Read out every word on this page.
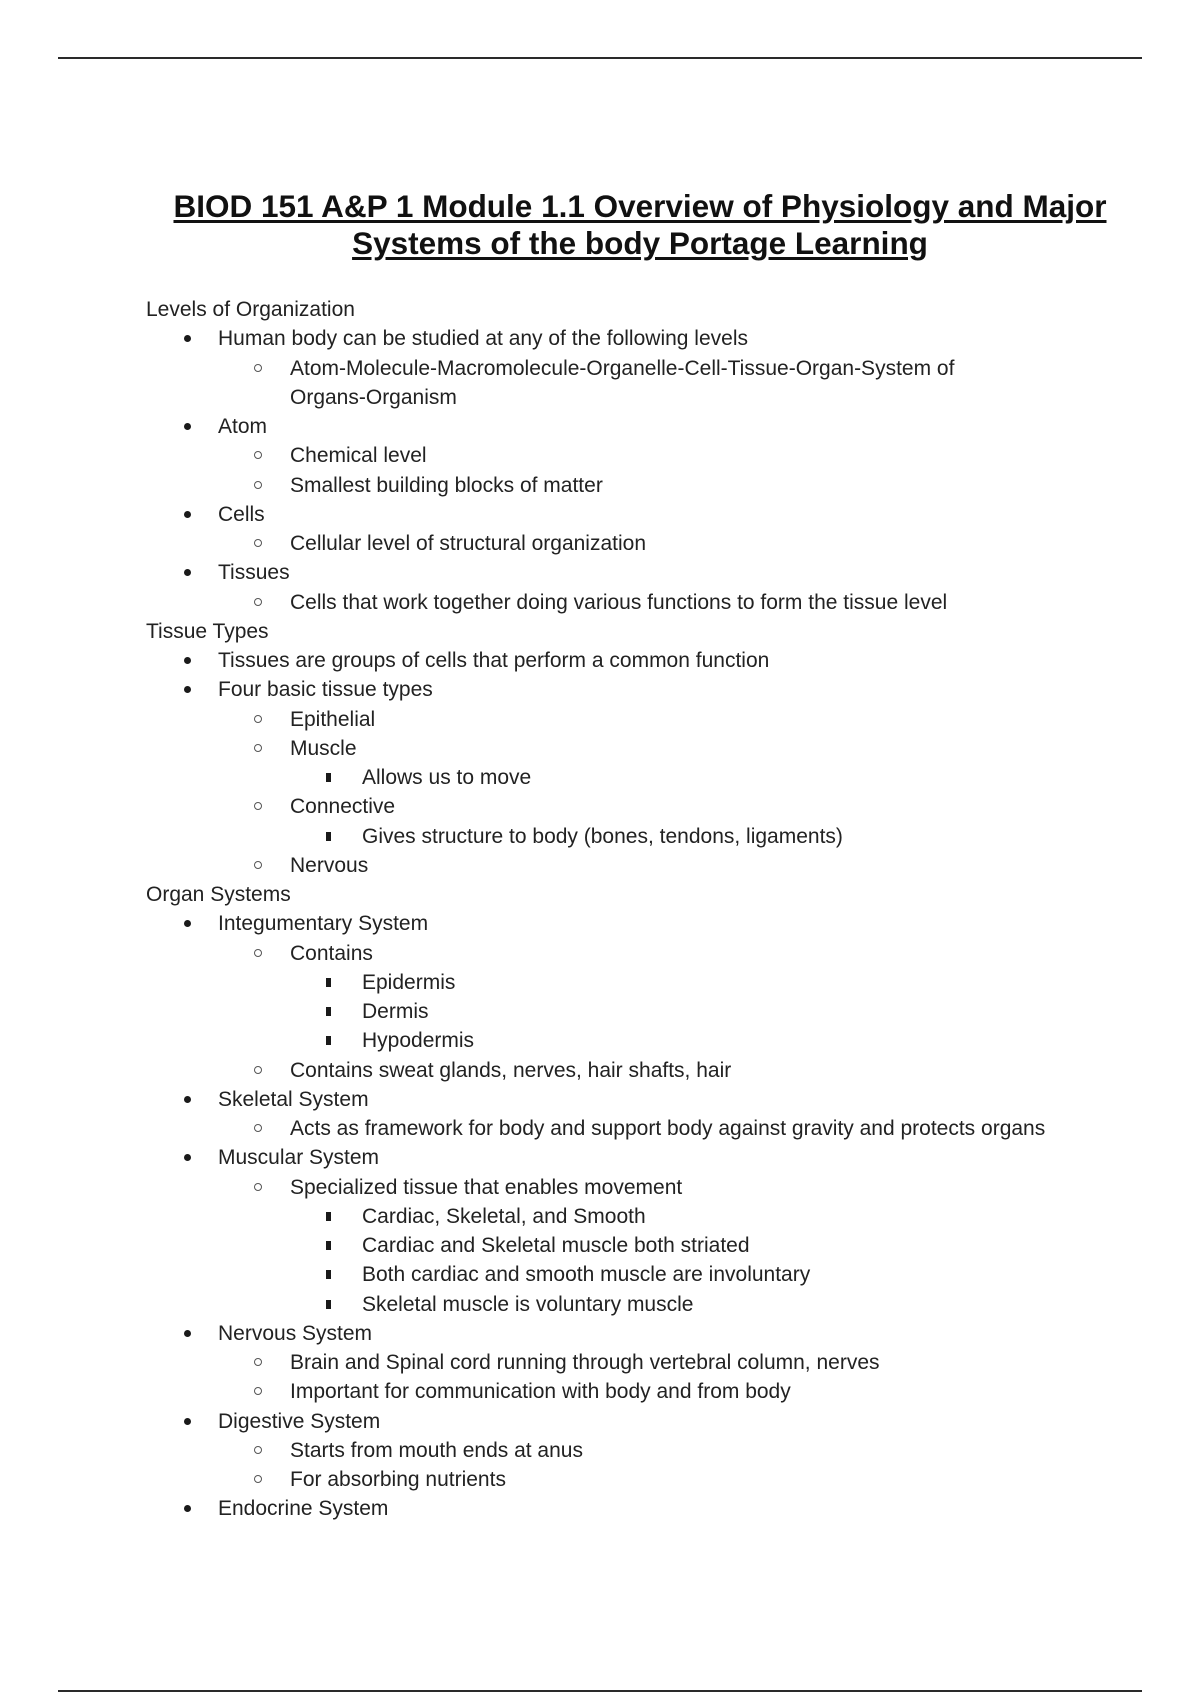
BIOD 151 A&P 1 Module 1.1 Overview of Physiology and Major
Systems of the body Portage Learning
Levels of Organization
Human body can be studied at any of the following levels
Atom-Molecule-Macromolecule-Organelle-Cell-Tissue-Organ-System of
Organs-Organism
Atom
Chemical level
Smallest building blocks of matter
Cells
Cellular level of structural organization
Tissues
Cells that work together doing various functions to form the tissue level
Tissue Types
Tissues are groups of cells that perform a common function
Four basic tissue types
Epithelial
Muscle
Allows us to move
Connective
Gives structure to body (bones, tendons, ligaments)
Nervous
Organ Systems
Integumentary System
Contains
Epidermis
Dermis
Hypodermis
Contains sweat glands, nerves, hair shafts, hair
Skeletal System
Acts as framework for body and support body against gravity and protects organs
Muscular System
Specialized tissue that enables movement
Cardiac, Skeletal, and Smooth
Cardiac and Skeletal muscle both striated
Both cardiac and smooth muscle are involuntary
Skeletal muscle is voluntary muscle
Nervous System
Brain and Spinal cord running through vertebral column, nerves
Important for communication with body and from body
Digestive System
Starts from mouth ends at anus
For absorbing nutrients
Endocrine System
